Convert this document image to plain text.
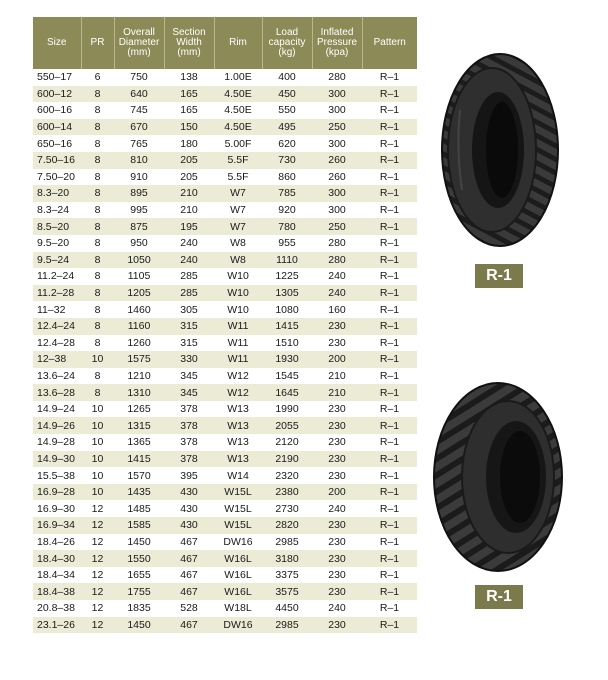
Size	PR	Overall
Diameter
(mm)	Section
Width
(mm)	Rim	Load
capacity
(kg)	Inflated
Pressure
(kpa)	Pattern
550–17	6	750	138	1.00E	400	280	R–1
600–12	8	640	165	4.50E	450	300	R–1
600–16	8	745	165	4.50E	550	300	R–1
600–14	8	670	150	4.50E	495	250	R–1
650–16	8	765	180	5.00F	620	300	R–1
7.50–16	8	810	205	5.5F	730	260	R–1
7.50–20	8	910	205	5.5F	860	260	R–1
8.3–20	8	895	210	W7	785	300	R–1
8.3–24	8	995	210	W7	920	300	R–1
8.5–20	8	875	195	W7	780	250	R–1
9.5–20	8	950	240	W8	955	280	R–1
9.5–24	8	1050	240	W8	1110	280	R–1
11.2–24	8	1105	285	W10	1225	240	R–1
11.2–28	8	1205	285	W10	1305	240	R–1
11–32	8	1460	305	W10	1080	160	R–1
12.4–24	8	1160	315	W11	1415	230	R–1
12.4–28	8	1260	315	W11	1510	230	R–1
12–38	10	1575	330	W11	1930	200	R–1
13.6–24	8	1210	345	W12	1545	210	R–1
13.6–28	8	1310	345	W12	1645	210	R–1
14.9–24	10	1265	378	W13	1990	230	R–1
14.9–26	10	1315	378	W13	2055	230	R–1
14.9–28	10	1365	378	W13	2120	230	R–1
14.9–30	10	1415	378	W13	2190	230	R–1
15.5–38	10	1570	395	W14	2320	230	R–1
16.9–28	10	1435	430	W15L	2380	200	R–1
16.9–30	12	1485	430	W15L	2730	240	R–1
16.9–34	12	1585	430	W15L	2820	230	R–1
18.4–26	12	1450	467	DW16	2985	230	R–1
18.4–30	12	1550	467	W16L	3180	230	R–1
18.4–34	12	1655	467	W16L	3375	230	R–1
18.4–38	12	1755	467	W16L	3575	230	R–1
20.8–38	12	1835	528	W18L	4450	240	R–1
23.1–26	12	1450	467	DW16	2985	230	R–1
R-1
R-1
